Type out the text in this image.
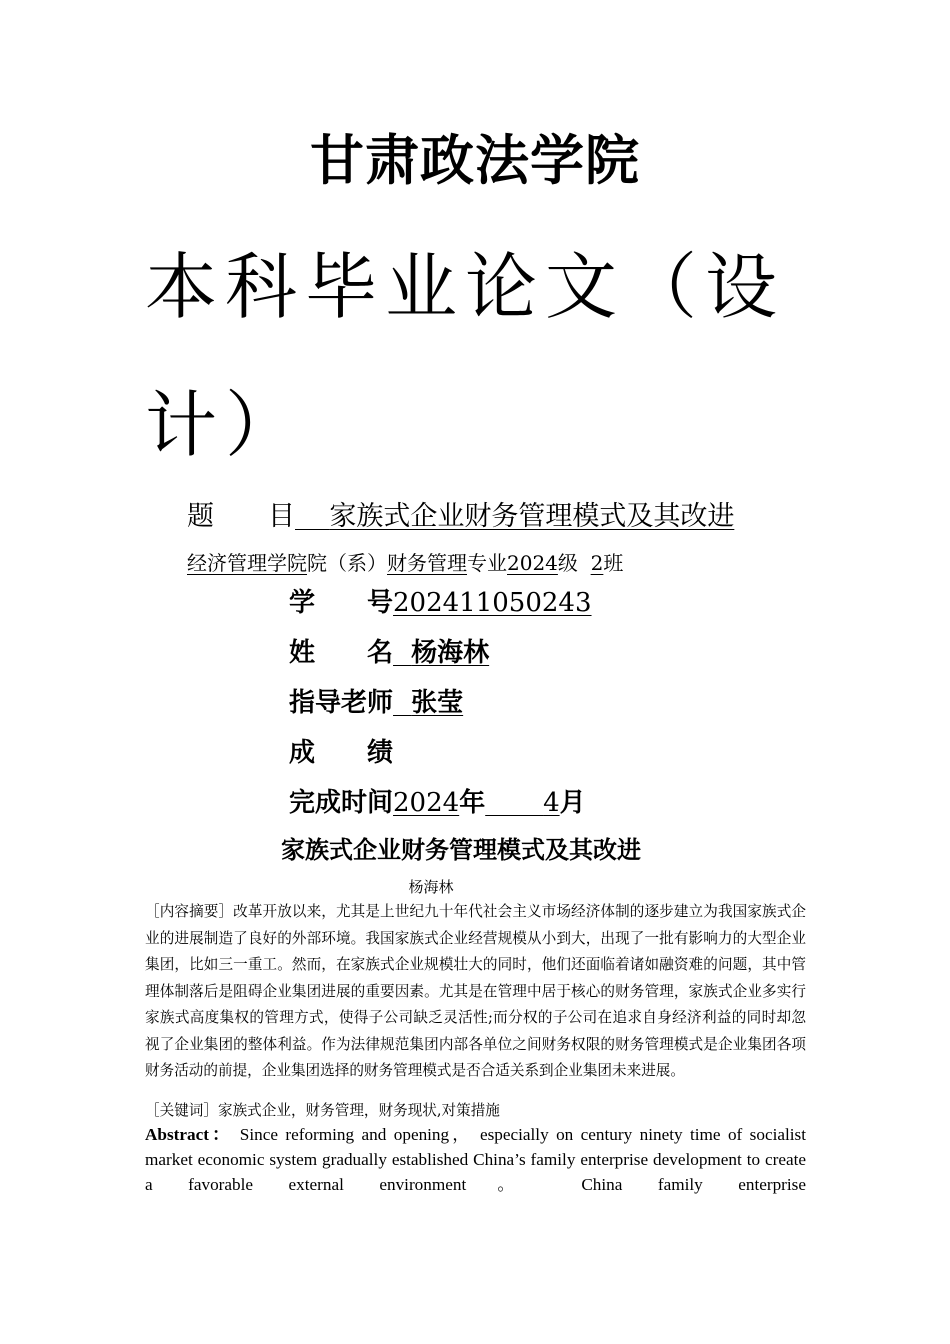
甘肃政法学院
本科毕业论文（设计）
题　　目 家族式企业财务管理模式及其改进
经济管理学院院（系）财务管理专业2024级 2班
学　　号202411050243
姓　　名 杨海林
指导老师 张莹
成　　绩
完成时间2024年 4月
家族式企业财务管理模式及其改进
杨海林
［内容摘要］改革开放以来，尤其是上世纪九十年代社会主义市场经济体制的逐步建立为我国家族式企业的进展制造了良好的外部环境。我国家族式企业经营规模从小到大，出现了一批有影响力的大型企业集团，比如三一重工。然而，在家族式企业规模壮大的同时，他们还面临着诸如融资难的问题，其中管理体制落后是阻碍企业集团进展的重要因素。尤其是在管理中居于核心的财务管理，家族式企业多实行家族式高度集权的管理方式，使得子公司缺乏灵活性;而分权的子公司在追求自身经济利益的同时却忽视了企业集团的整体利益。作为法律规范集团内部各单位之间财务权限的财务管理模式是企业集团各项财务活动的前提，企业集团选择的财务管理模式是否合适关系到企业集团未来进展。
［关键词］家族式企业，财务管理，财务现状,对策措施
Abstract： Since reforming and opening， especially on century ninety time of socialist market economic system gradually established China’s family enterprise development to create a favorable external environment。 China family enterprise
